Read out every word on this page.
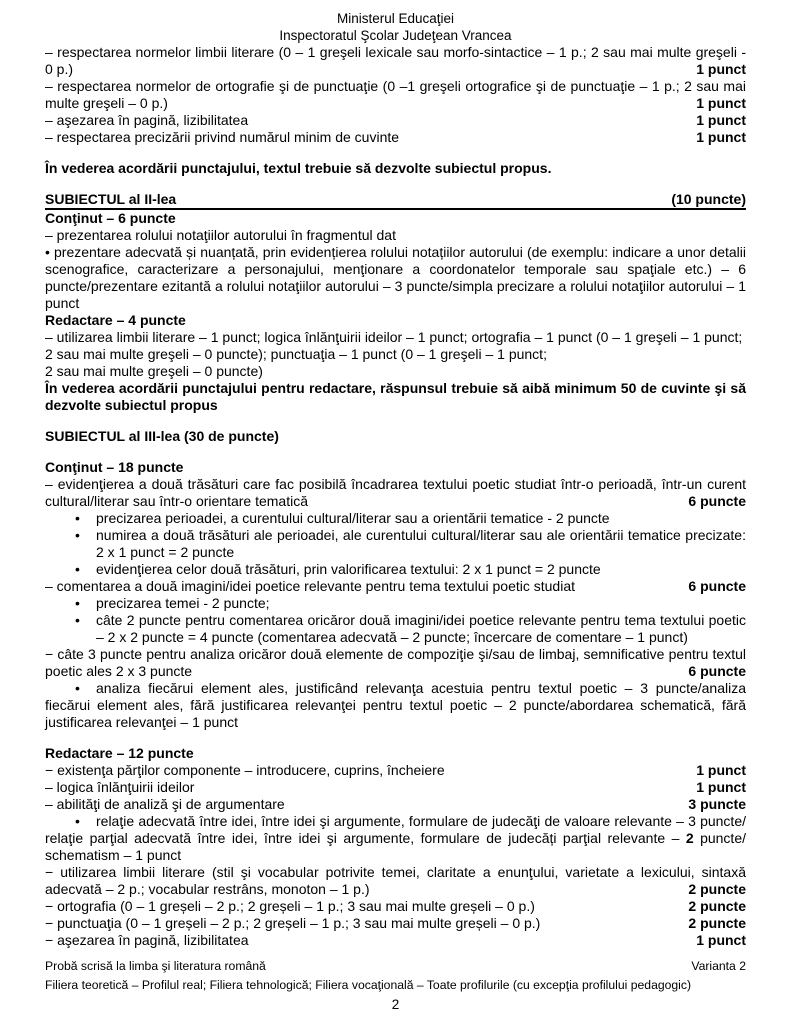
Ministerul Educaţiei
Inspectoratul Şcolar Judeţean Vrancea
– respectarea normelor limbii literare (0 – 1 greşeli lexicale sau morfo-sintactice – 1 p.; 2 sau mai multe greşeli - 0 p.)	1 punct
– respectarea normelor de ortografie şi de punctuaţie (0 –1 greşeli ortografice şi de punctuaţie – 1 p.; 2 sau mai multe greşeli – 0 p.)	1 punct
– aşezarea în pagină, lizibilitatea	1 punct
– respectarea precizării privind numărul minim de cuvinte	1 punct
În vederea acordării punctajului, textul trebuie să dezvolte subiectul propus.
SUBIECTUL al II-lea	(10 puncte)
Conţinut – 6 puncte
– prezentarea rolului notaţiilor autorului în fragmentul dat
• prezentare adecvată și nuanțată, prin evidențierea rolului notațiilor autorului (de exemplu: indicare a unor detalii scenografice, caracterizare a personajului, menţionare a coordonatelor temporale sau spaţiale etc.) – 6 puncte/prezentare ezitantă a rolului notaţiilor autorului – 3 puncte/simpla precizare a rolului notaţiilor autorului – 1 punct
Redactare – 4 puncte
– utilizarea limbii literare – 1 punct; logica înlănţuirii ideilor – 1 punct; ortografia – 1 punct (0 – 1 greşeli – 1 punct;
2 sau mai multe greşeli – 0 puncte); punctuaţia – 1 punct (0 – 1 greşeli – 1 punct;
2 sau mai multe greşeli – 0 puncte)
În vederea acordării punctajului pentru redactare, răspunsul trebuie să aibă minimum 50 de cuvinte şi să dezvolte subiectul propus
SUBIECTUL al III-lea (30 de puncte)
Conţinut – 18 puncte
– evidenţierea a două trăsături care fac posibilă încadrarea textului poetic studiat într-o perioadă, într-un curent cultural/literar sau într-o orientare tematică	6 puncte
• precizarea perioadei, a curentului cultural/literar sau a orientării tematice - 2 puncte
• numirea a două trăsături ale perioadei, ale curentului cultural/literar sau ale orientării tematice precizate: 2 x 1 punct = 2 puncte
• evidenţierea celor două trăsături, prin valorificarea textului: 2 x 1 punct = 2 puncte
– comentarea a două imagini/idei poetice relevante pentru tema textului poetic studiat	6 puncte
• precizarea temei - 2 puncte;
• câte 2 puncte pentru comentarea oricăror două imagini/idei poetice relevante pentru tema textului poetic – 2 x 2 puncte = 4 puncte (comentarea adecvată – 2 puncte; încercare de comentare – 1 punct)
− câte 3 puncte pentru analiza oricăror două elemente de compoziţie şi/sau de limbaj, semnificative pentru textul poetic ales 2 x 3 puncte	6 puncte
• analiza fiecărui element ales, justificând relevanţa acestuia pentru textul poetic – 3 puncte/analiza fiecărui element ales, fără justificarea relevanţei pentru textul poetic – 2 puncte/abordarea schematică, fără justificarea relevanţei – 1 punct
Redactare – 12 puncte
− existenţa părţilor componente – introducere, cuprins, încheiere	1 punct
– logica înlănţuirii ideilor	1 punct
– abilităţi de analiză şi de argumentare	3 puncte
• relaţie adecvată între idei, între idei şi argumente, formulare de judecăţi de valoare relevante – 3 puncte/ relaţie parţial adecvată între idei, între idei şi argumente, formulare de judecăți parţial relevante – 2 puncte/ schematism – 1 punct
− utilizarea limbii literare (stil şi vocabular potrivite temei, claritate a enunţului, varietate a lexicului, sintaxă adecvată – 2 p.; vocabular restrâns, monoton – 1 p.)	2 puncte
− ortografia (0 – 1 greșeli – 2 p.; 2 greșeli – 1 p.; 3 sau mai multe greșeli – 0 p.)	2 puncte
− punctuaţia (0 – 1 greșeli – 2 p.; 2 greșeli – 1 p.; 3 sau mai multe greșeli – 0 p.)	2 puncte
− aşezarea în pagină, lizibilitatea	1 punct
Probă scrisă la limba şi literatura română	Varianta 2
Filiera teoretică – Profilul real; Filiera tehnologică; Filiera vocaţională – Toate profilurile (cu excepţia profilului pedagogic)
2
